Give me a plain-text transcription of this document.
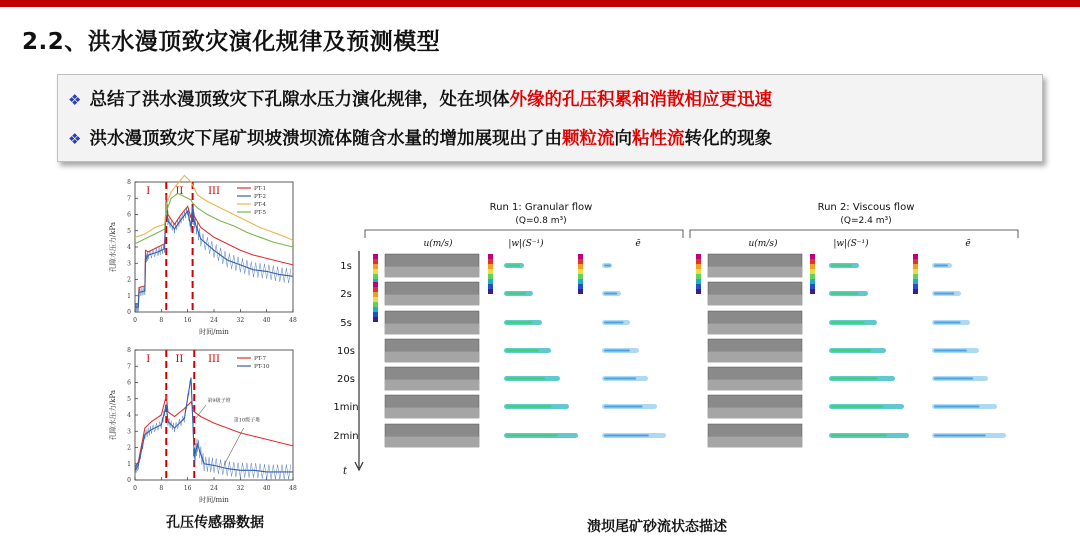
2.2、洪水漫顶致灾演化规律及预测模型
❖ 总结了洪水漫顶致灾下孔隙水压力演化规律，处在坝体外缘的孔压积累和消散相应更迅速
❖ 洪水漫顶致灾下尾矿坝坡溃坝流体随含水量的增加展现出了由颗粒流向粘性流转化的现象
0	8	16	24	32	40	48
0
1
2
3
4
5
6
7
8
时间/min
孔隙水压力/kPa
I	II III	PT-1
PT-2
PT-4
PT-5
0	8	16	24	32	40	48
0
1
2
3
4
5
6
7
8
时间/min
孔隙水压力/kPa
I	II III	PT-7
PT-10
第9级子堆
第10级子堆
孔压传感器数据
Run 1: Granular flow
(Q=0.8 m³)
Run 2: Viscous flow
(Q=2.4 m³)
u(m/s)	|w|(S⁻¹)	ē	u(m/s)	|w|(S⁻¹)	ē
t
1s
2s
5s
10s
20s
1min
2min
溃坝尾矿砂流状态描述
